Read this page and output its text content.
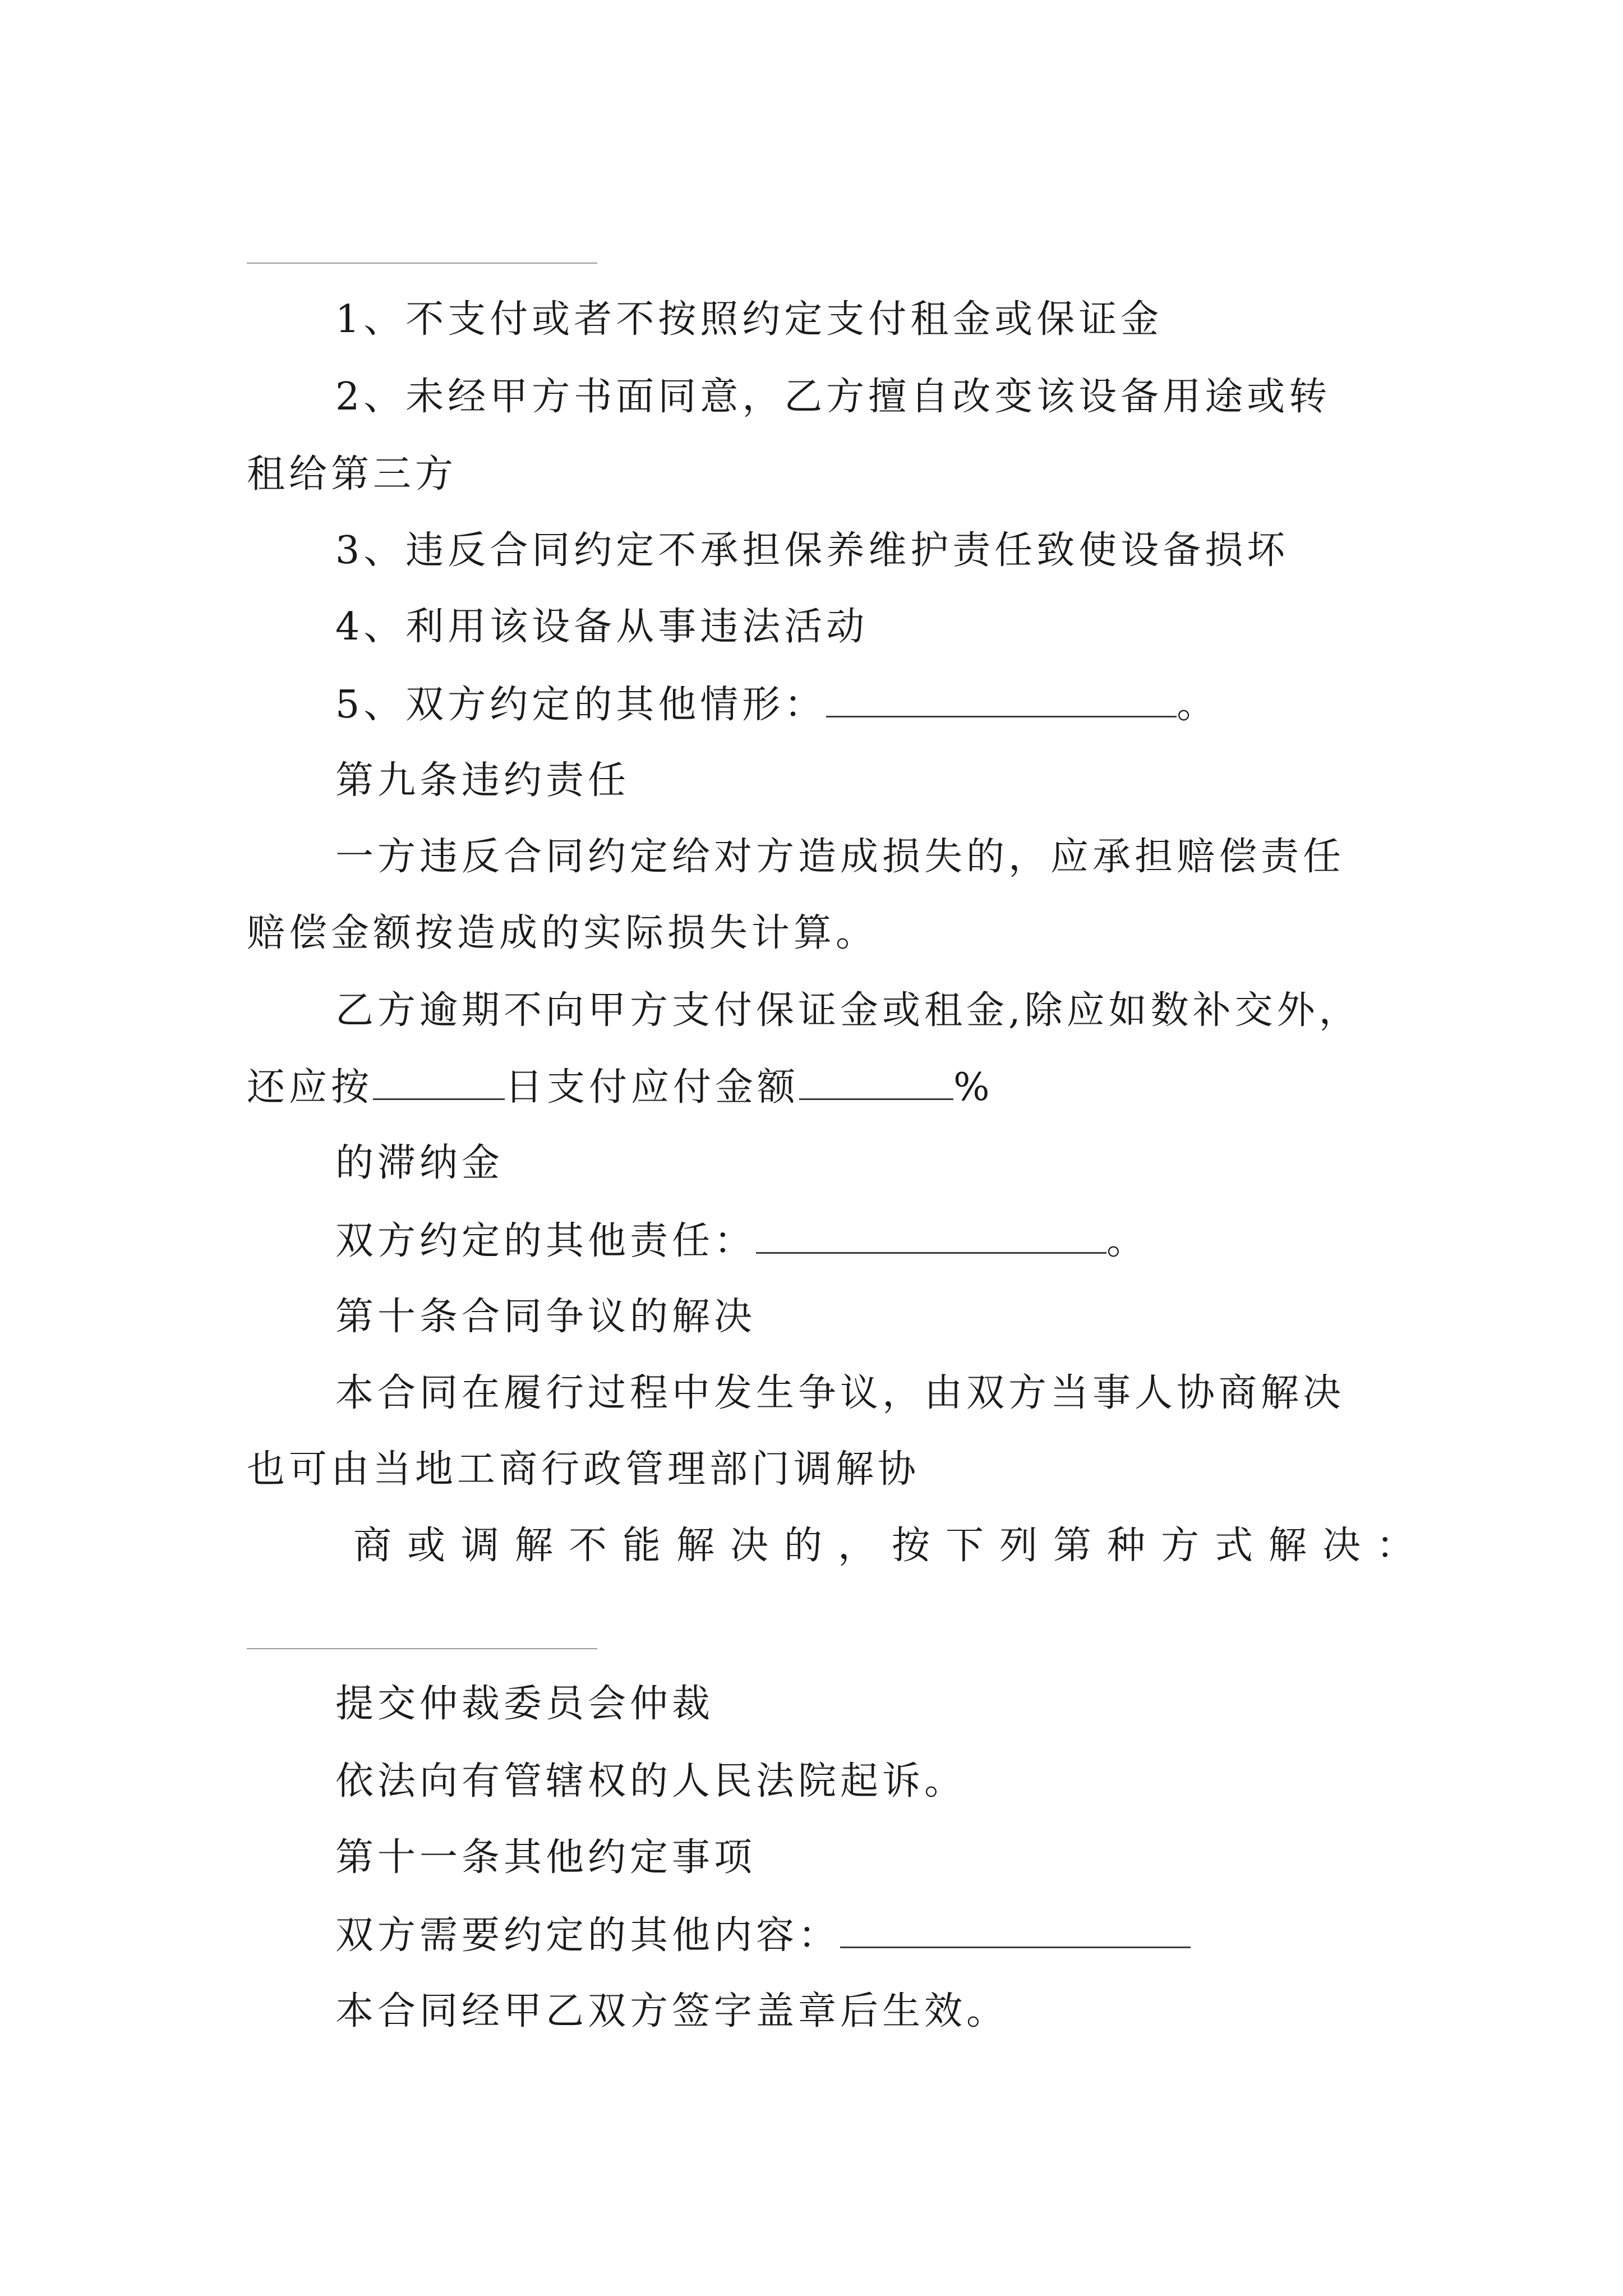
1、不支付或者不按照约定支付租金或保证金
2、未经甲方书面同意，乙方擅自改变该设备用途或转
租给第三方
3、违反合同约定不承担保养维护责任致使设备损坏
4、利用该设备从事违法活动
5、双方约定的其他情形：	。
第九条违约责任
一方违反合同约定给对方造成损失的，应承担赔偿责任
赔偿金额按造成的实际损失计算。
乙方逾期不向甲方支付保证金或租金,除应如数补交外，
还应按	日支付应付金额	%
的滞纳金
双方约定的其他责任：	。
第十条合同争议的解决
本合同在履行过程中发生争议，由双方当事人协商解决
也可由当地工商行政管理部门调解协
商或调解不能解决的，按下列第种方式解决：
提交仲裁委员会仲裁
依法向有管辖权的人民法院起诉。
第十一条其他约定事项
双方需要约定的其他内容：
本合同经甲乙双方签字盖章后生效。
